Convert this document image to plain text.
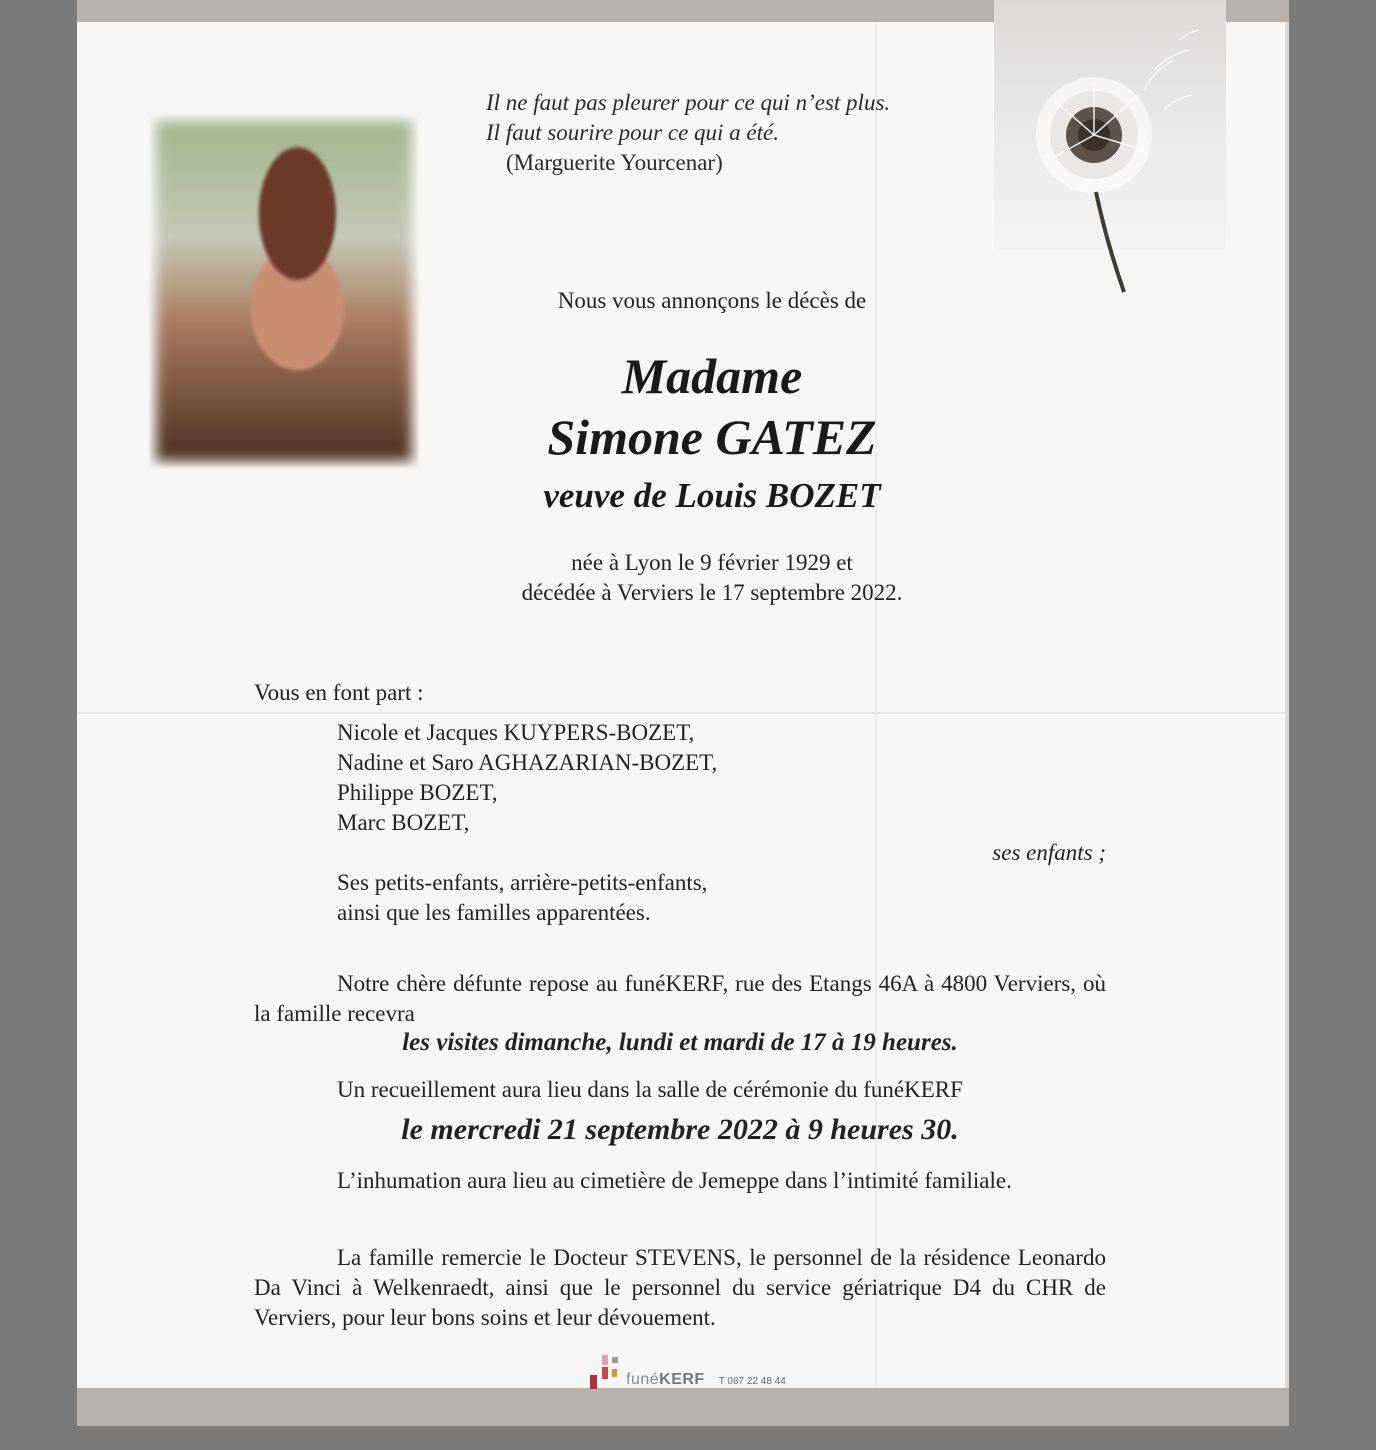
Il ne faut pas pleurer pour ce qui n’est plus.
Il faut sourire pour ce qui a été.
(Marguerite Yourcenar)
Nous vous annonçons le décès de
Madame
Simone GATEZ
veuve de Louis BOZET
née à Lyon le 9 février 1929 et
décédée à Verviers le 17 septembre 2022.
Vous en font part :
Nicole et Jacques KUYPERS-BOZET,
Nadine et Saro AGHAZARIAN-BOZET,
Philippe BOZET,
Marc BOZET,
ses enfants ;
Ses petits-enfants, arrière-petits-enfants,
ainsi que les familles apparentées.
Notre chère défunte repose au funéKERF, rue des Etangs 46A à 4800 Verviers, où la famille recevra
les visites dimanche, lundi et mardi de 17 à 19 heures.
Un recueillement aura lieu dans la salle de cérémonie du funéKERF
le mercredi 21 septembre 2022 à 9 heures 30.
L’inhumation aura lieu au cimetière de Jemeppe dans l’intimité familiale.
La famille remercie le Docteur STEVENS, le personnel de la résidence Leonardo Da Vinci à Welkenraedt, ainsi que le personnel du service gériatrique D4 du CHR de Verviers, pour leur bons soins et leur dévouement.
funéKERF T 087 22 48 44
